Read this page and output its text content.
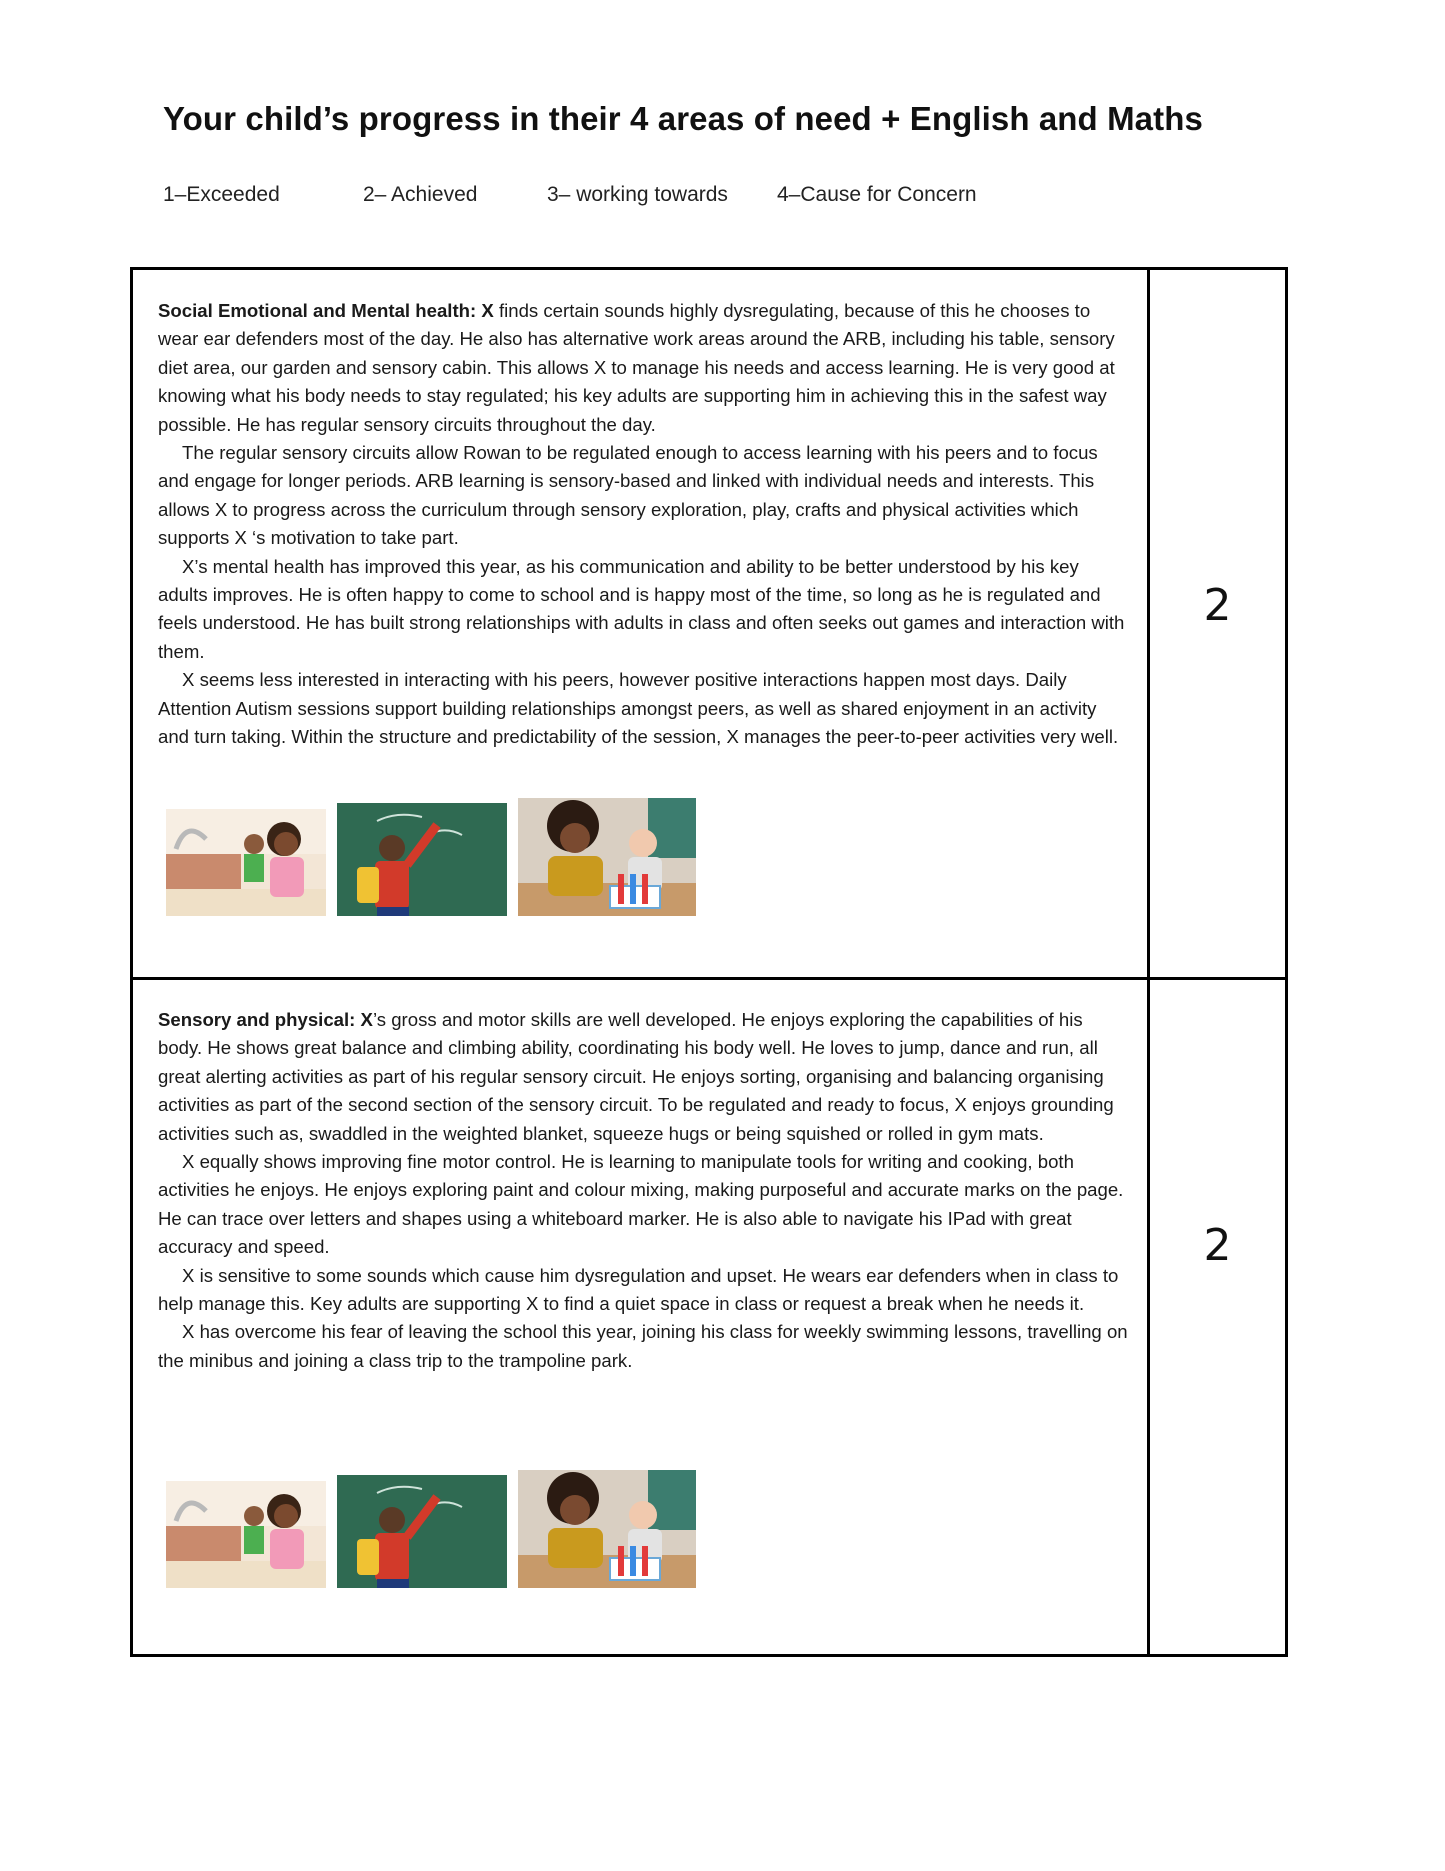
Your child’s progress in their 4 areas of need + English and Maths
1–Exceeded	2– Achieved	3– working towards 4–Cause for Concern

Social Emotional and Mental health: X finds certain sounds highly dysregulating, because of this he chooses to wear ear defenders most of the day. He also has alternative work areas around the ARB, including his table, sensory diet area, our garden and sensory cabin. This allows X to manage his needs and access learning. He is very good at knowing what his body needs to stay regulated; his key adults are supporting him in achieving this in the safest way possible. He has regular sensory circuits throughout the day.

The regular sensory circuits allow Rowan to be regulated enough to access learning with his peers and to focus and engage for longer periods. ARB learning is sensory-based and linked with individual needs and interests. This allows X to progress across the curriculum through sensory exploration, play, crafts and physical activities which supports X ‘s motivation to take part.

X’s mental health has improved this year, as his communication and ability to be better understood by his key adults improves. He is often happy to come to school and is happy most of the time, so long as he is regulated and feels understood. He has built strong relationships with adults in class and often seeks out games and interaction with them.

X seems less interested in interacting with his peers, however positive interactions happen most days. Daily Attention Autism sessions support building relationships amongst peers, as well as shared enjoyment in an activity and turn taking. Within the structure and predictability of the session, X manages the peer-to-peer activities very well.

2

Sensory and physical: X’s gross and motor skills are well developed. He enjoys exploring the capabilities of his body. He shows great balance and climbing ability, coordinating his body well. He loves to jump, dance and run, all great alerting activities as part of his regular sensory circuit. He enjoys sorting, organising and balancing organising activities as part of the second section of the sensory circuit. To be regulated and ready to focus, X enjoys grounding activities such as, swaddled in the weighted blanket, squeeze hugs or being squished or rolled in gym mats.

X equally shows improving fine motor control. He is learning to manipulate tools for writing and cooking, both activities he enjoys. He enjoys exploring paint and colour mixing, making purposeful and accurate marks on the page. He can trace over letters and shapes using a whiteboard marker. He is also able to navigate his IPad with great accuracy and speed.

X is sensitive to some sounds which cause him dysregulation and upset. He wears ear defenders when in class to help manage this. Key adults are supporting X to find a quiet space in class or request a break when he needs it.

X has overcome his fear of leaving the school this year, joining his class for weekly swimming lessons, travelling on the minibus and joining a class trip to the trampoline park.

2
